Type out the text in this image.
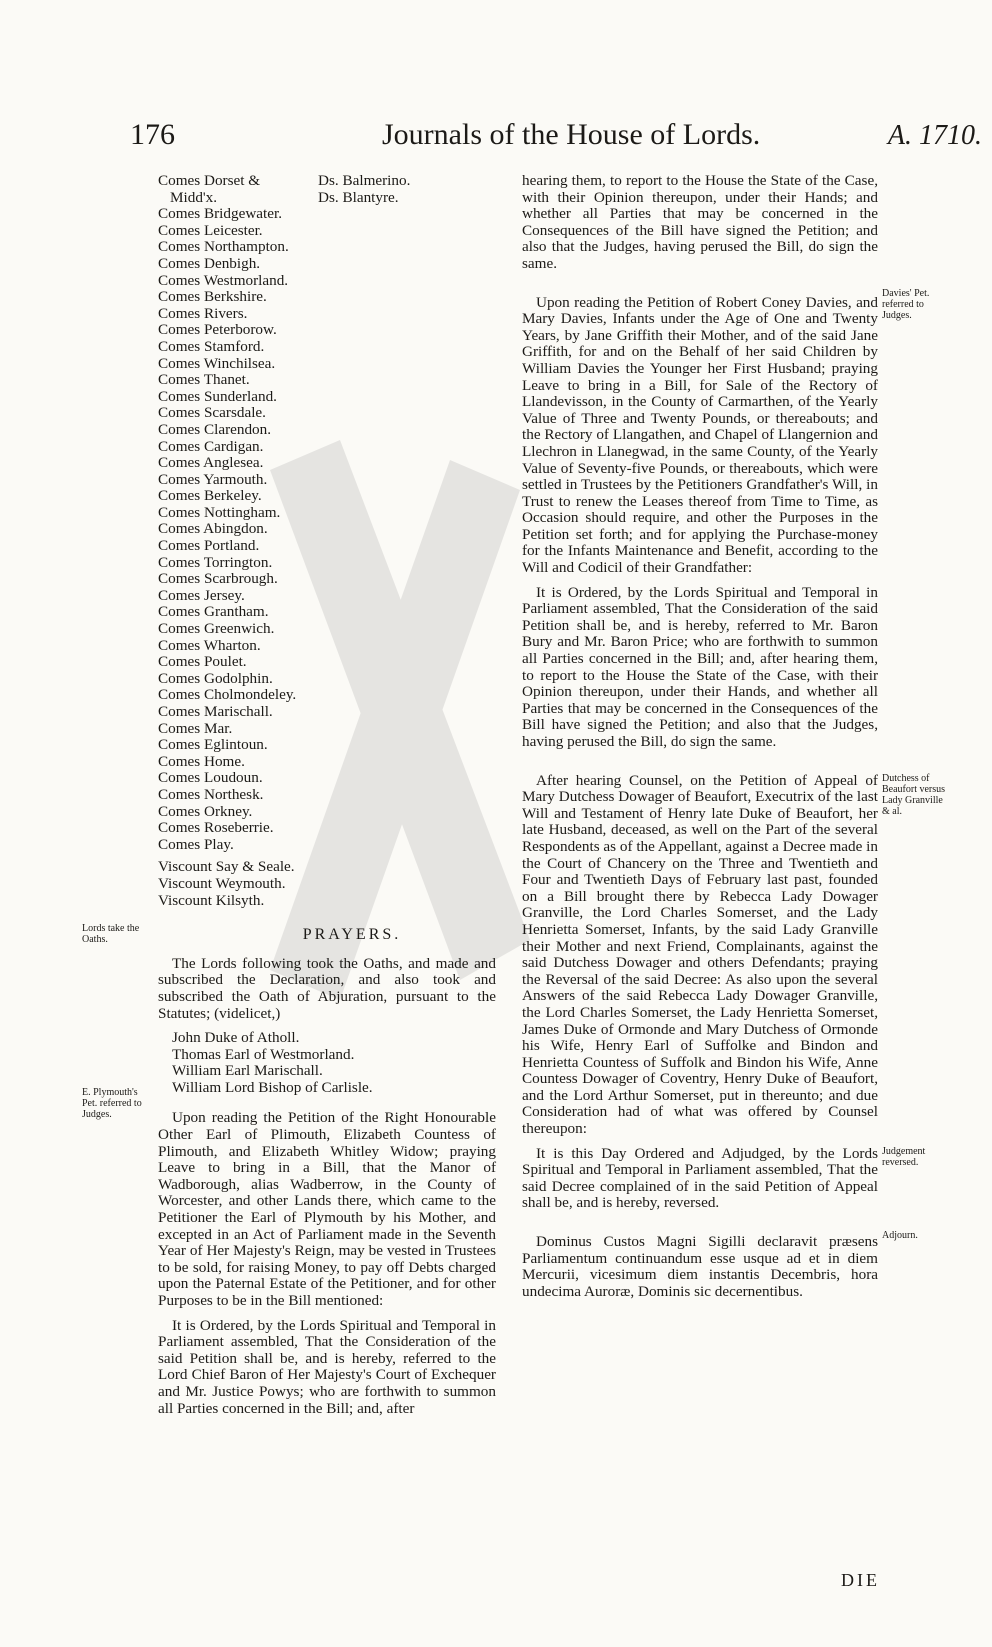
176	Journals of the House of Lords.	A. 1710.
Comes Dorset &
Midd'x.
Comes Bridgewater.
Comes Leicester.
Comes Northampton.
Comes Denbigh.
Comes Westmorland.
Comes Berkshire.
Comes Rivers.
Comes Peterborow.
Comes Stamford.
Comes Winchilsea.
Comes Thanet.
Comes Sunderland.
Comes Scarsdale.
Comes Clarendon.
Comes Cardigan.
Comes Anglesea.
Comes Yarmouth.
Comes Berkeley.
Comes Nottingham.
Comes Abingdon.
Comes Portland.
Comes Torrington.
Comes Scarbrough.
Comes Jersey.
Comes Grantham.
Comes Greenwich.
Comes Wharton.
Comes Poulet.
Comes Godolphin.
Comes Cholmondeley.
Comes Marischall.
Comes Mar.
Comes Eglintoun.
Comes Home.
Comes Loudoun.
Comes Northesk.
Comes Orkney.
Comes Roseberrie.
Comes Play.
Ds. Balmerino.
Ds. Blantyre.
Viscount Say & Seale.
Viscount Weymouth.
Viscount Kilsyth.
PRAYERS.

The Lords following took the Oaths, and made and subscribed the Declaration, and also took and subscribed the Oath of Abjuration, pursuant to the Statutes; (videlicet,)

John Duke of Atholl.
Thomas Earl of Westmorland.
William Earl Marischall.
William Lord Bishop of Carlisle.

Upon reading the Petition of the Right Honourable Other Earl of Plimouth, Elizabeth Countess of Plimouth, and Elizabeth Whitley Widow; praying Leave to bring in a Bill, that the Manor of Wadborough, alias Wadberrow, in the County of Worcester, and other Lands there, which came to the Petitioner the Earl of Plymouth by his Mother, and excepted in an Act of Parliament made in the Seventh Year of Her Majesty's Reign, may be vested in Trustees to be sold, for raising Money, to pay off Debts charged upon the Paternal Estate of the Petitioner, and for other Purposes to be in the Bill mentioned:

It is Ordered, by the Lords Spiritual and Temporal in Parliament assembled, That the Consideration of the said Petition shall be, and is hereby, referred to the Lord Chief Baron of Her Majesty's Court of Exchequer and Mr. Justice Powys; who are forthwith to summon all Parties concerned in the Bill; and, after

Lords take the Oaths.
E. Plymouth's Pet. referred to Judges.

hearing them, to report to the House the State of the Case, with their Opinion thereupon, under their Hands; and whether all Parties that may be concerned in the Consequences of the Bill have signed the Petition; and also that the Judges, having perused the Bill, do sign the same.

Upon reading the Petition of Robert Coney Davies, and Mary Davies, Infants under the Age of One and Twenty Years, by Jane Griffith their Mother, and of the said Jane Griffith, for and on the Behalf of her said Children by William Davies the Younger her First Husband; praying Leave to bring in a Bill, for Sale of the Rectory of Llandevisson, in the County of Carmarthen, of the Yearly Value of Three and Twenty Pounds, or thereabouts; and the Rectory of Llangathen, and Chapel of Llangernion and Llechron in Llanegwad, in the same County, of the Yearly Value of Seventy-five Pounds, or thereabouts, which were settled in Trustees by the Petitioners Grandfather's Will, in Trust to renew the Leases thereof from Time to Time, as Occasion should require, and other the Purposes in the Petition set forth; and for applying the Purchase-money for the Infants Maintenance and Benefit, according to the Will and Codicil of their Grandfather:

It is Ordered, by the Lords Spiritual and Temporal in Parliament assembled, That the Consideration of the said Petition shall be, and is hereby, referred to Mr. Baron Bury and Mr. Baron Price; who are forthwith to summon all Parties concerned in the Bill; and, after hearing them, to report to the House the State of the Case, with their Opinion thereupon, under their Hands, and whether all Parties that may be concerned in the Consequences of the Bill have signed the Petition; and also that the Judges, having perused the Bill, do sign the same.

After hearing Counsel, on the Petition of Appeal of Mary Dutchess Dowager of Beaufort, Executrix of the last Will and Testament of Henry late Duke of Beaufort, her late Husband, deceased, as well on the Part of the several Respondents as of the Appellant, against a Decree made in the Court of Chancery on the Three and Twentieth and Four and Twentieth Days of February last past, founded on a Bill brought there by Rebecca Lady Dowager Granville, the Lord Charles Somerset, and the Lady Henrietta Somerset, Infants, by the said Lady Granville their Mother and next Friend, Complainants, against the said Dutchess Dowager and others Defendants; praying the Reversal of the said Decree: As also upon the several Answers of the said Rebecca Lady Dowager Granville, the Lord Charles Somerset, the Lady Henrietta Somerset, James Duke of Ormonde and Mary Dutchess of Ormonde his Wife, Henry Earl of Suffolke and Bindon and Henrietta Countess of Suffolk and Bindon his Wife, Anne Countess Dowager of Coventry, Henry Duke of Beaufort, and the Lord Arthur Somerset, put in thereunto; and due Consideration had of what was offered by Counsel thereupon:

It is this Day Ordered and Adjudged, by the Lords Spiritual and Temporal in Parliament assembled, That the said Decree complained of in the said Petition of Appeal shall be, and is hereby, reversed.

Dominus Custos Magni Sigilli declaravit præsens Parliamentum continuandum esse usque ad et in diem Mercurii, vicesimum diem instantis Decembris, hora undecima Auroræ, Dominis sic decernentibus.

Davies' Pet. referred to Judges.
Dutchess of Beaufort versus Lady Granville & al.
Judgement reversed.
Adjourn.
DIE
